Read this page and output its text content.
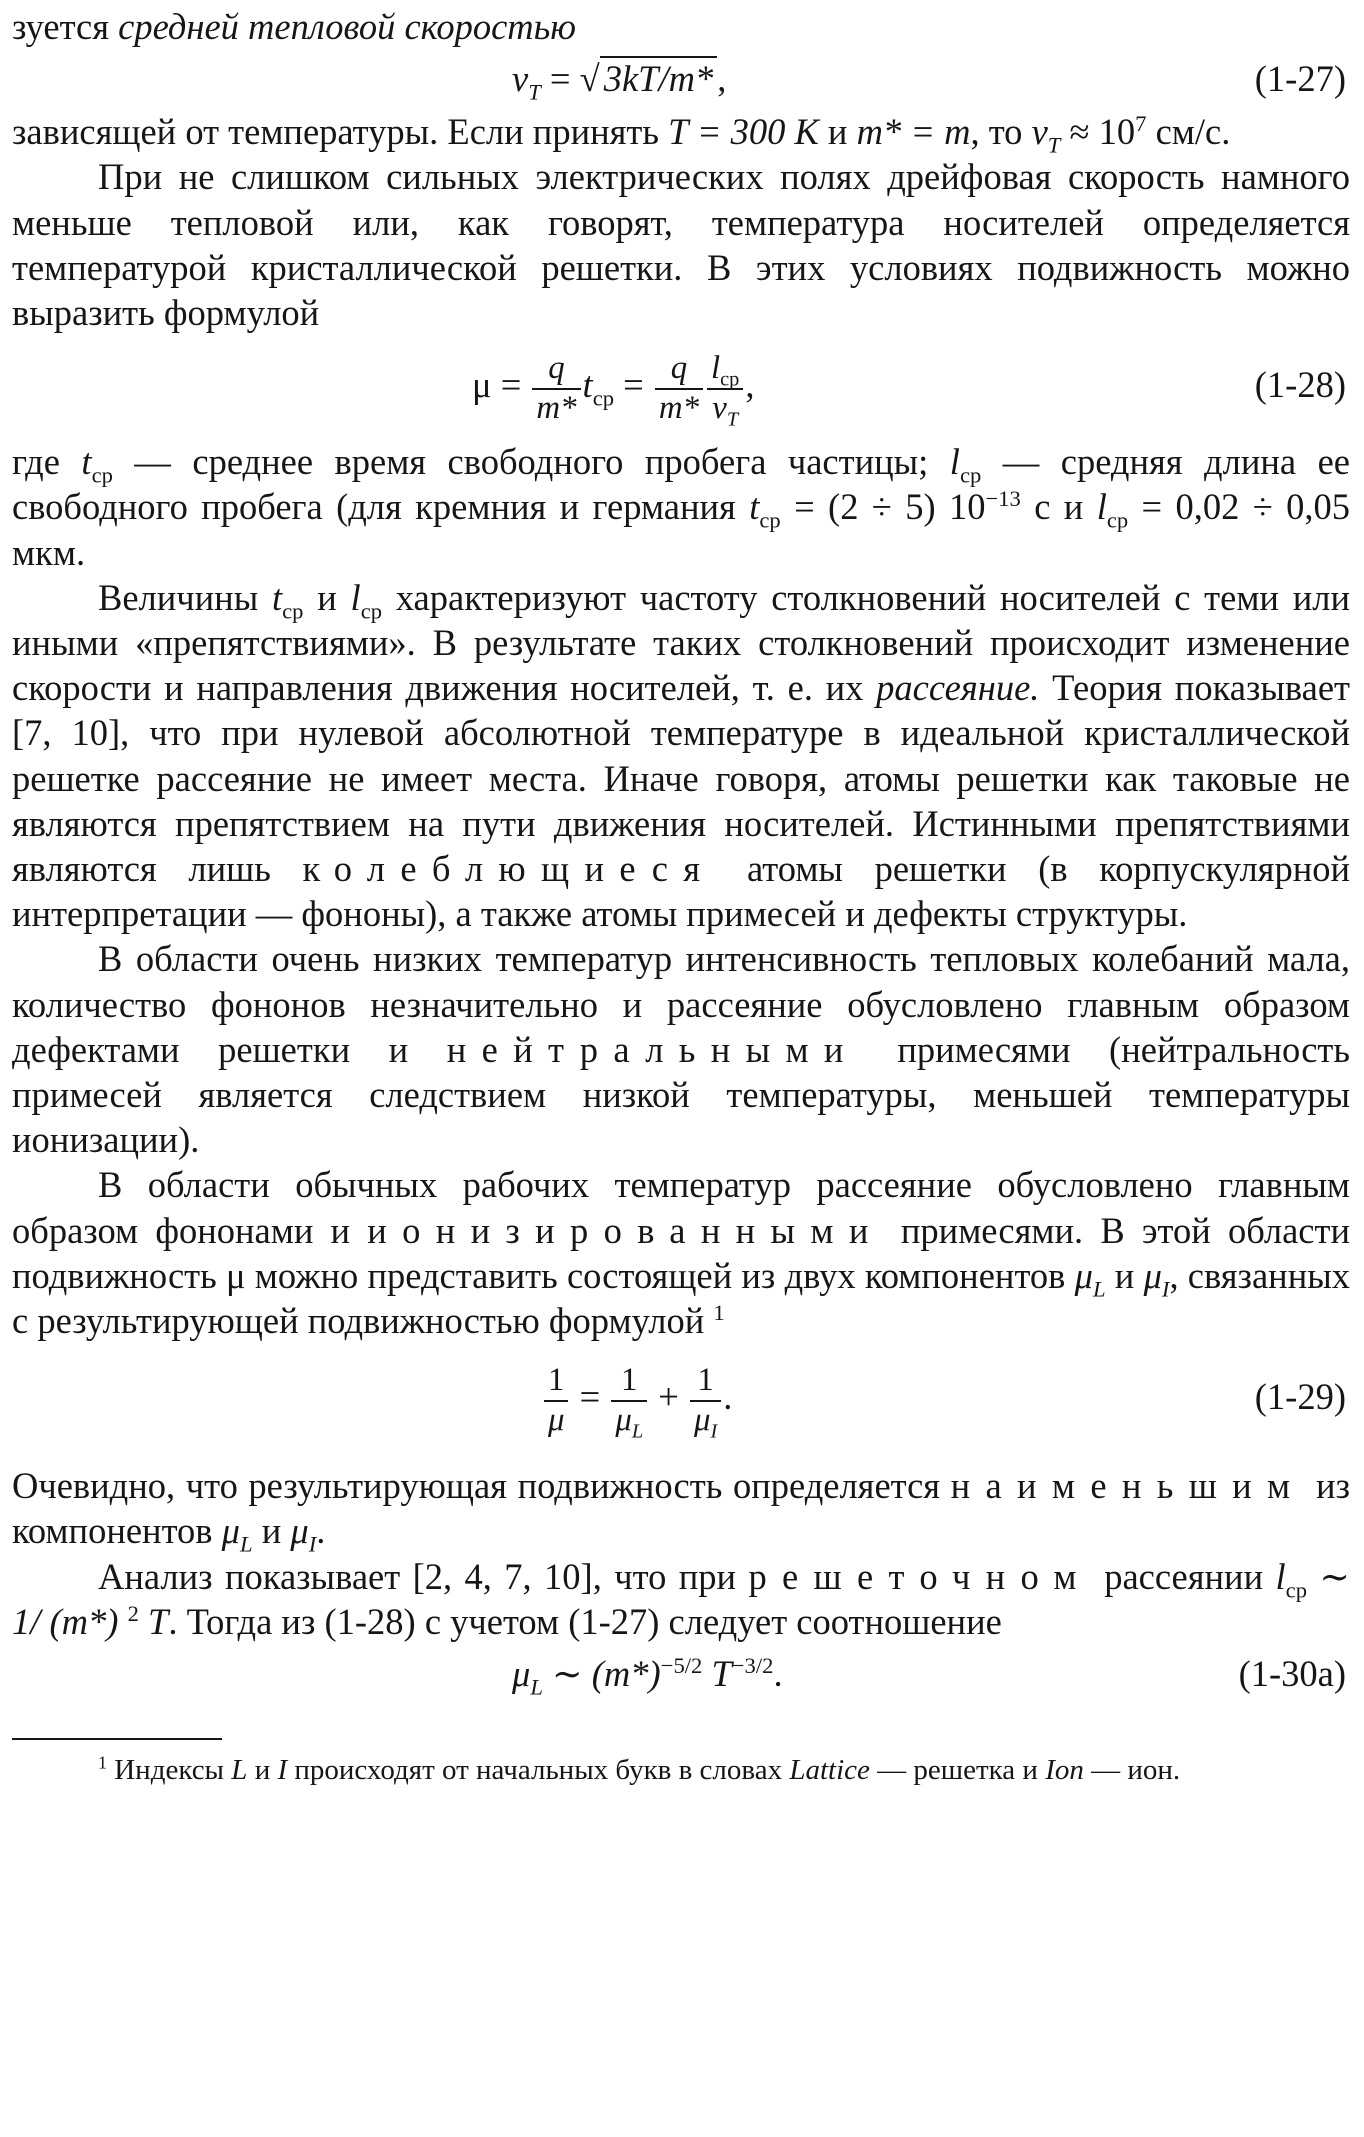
зуется средней тепловой скоростью

$v_T$ = √ 3kT/m* ,	(1-27)

зависящей от температуры. Если принять T = 300 К и m* = m, то $v_T \approx 10^7$ см/с.

При не слишком сильных электрических полях дрейфовая скорость намного меньше тепловой или, как говорят, температура носителей определяется температурой кристаллической решетки. В этих условиях подвижность можно выразить формулой

$\mu = \frac{q}{m*} t_{ср} = \frac{q}{m*} \frac{l_{ср}}{v_T}$ ,	(1-28)

где $t_{ср}$ — среднее время свободного пробега частицы; $l_{ср}$ — средняя длина ее свободного пробега (для кремния и германия $t_{ср} = (2 \div 5)$ $10^{-13}$ с и $l_{ср} = 0,02 \div 0,05$ мкм.

Величины $t_{ср}$ и $l_{ср}$ характеризуют частоту столкновений носителей с теми или иными «препятствиями». В результате таких столкновений происходит изменение скорости и направления движения носителей, т. е. их рассеяние. Теория показывает [7, 10], что при нулевой абсолютной температуре в идеальной кристаллической решетке рассеяние не имеет места. Иначе говоря, атомы решетки как таковые не являются препятствием на пути движения носителей. Истинными препятствиями являются лишь колеблющиеся атомы решетки (в корпускулярной интерпретации — фононы), а также атомы примесей и дефекты структуры.

В области очень низких температур интенсивность тепловых колебаний мала, количество фононов незначительно и рассеяние обусловлено главным образом дефектами решетки и нейтральными примесями (нейтральность примесей является следствием низкой температуры, меньшей температуры ионизации).

В области обычных рабочих температур рассеяние обусловлено главным образом фононами и ионизированными примесями. В этой области подвижность μ можно представить состоящей из двух компонентов $\mu_L$ и $\mu_I$, связанных с результирующей подвижностью формулой $^1$

$\frac{1}{\mu} = \frac{1}{\mu_L} + \frac{1}{\mu_I}$ .	(1-29)

Очевидно, что результирующая подвижность определяется наименьшим из компонентов $\mu_L$ и $\mu_I$.

Анализ показывает [2, 4, 7, 10], что при решеточном рассеянии $l_{ср}$ ∼ 1/ (m*) $^2$ T. Тогда из (1-28) с учетом (1-27) следует соотношение

$\mu_L$ ∼ $(m*)^{-5/2}$ $T^{-3/2}$.	(1-30а)

$^1$ Индексы L и I происходят от начальных букв в словах Lattice — решетка и Ion — ион.
